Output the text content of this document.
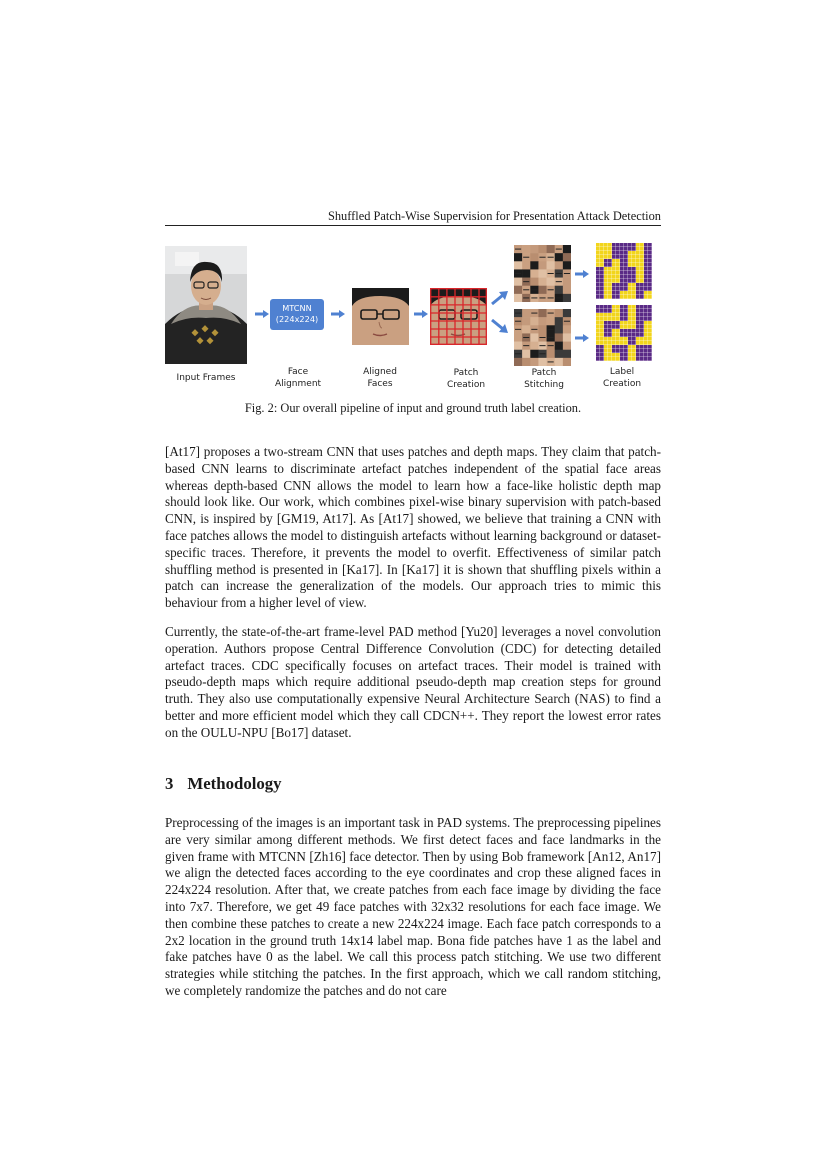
Shuffled Patch-Wise Supervision for Presentation Attack Detection
MTCNN
(224x224)
Input Frames
Face
Alignment
Aligned
Faces
Patch
Creation
Patch
Stitching
Label
Creation
Fig. 2: Our overall pipeline of input and ground truth label creation.

[At17] proposes a two-stream CNN that uses patches and depth maps. They claim that patch-based CNN learns to discriminate artefact patches independent of the spatial face areas whereas depth-based CNN allows the model to learn how a face-like holistic depth map should look like. Our work, which combines pixel-wise binary supervision with patch-based CNN, is inspired by [GM19, At17]. As [At17] showed, we believe that training a CNN with face patches allows the model to distinguish artefacts without learning background or dataset-specific traces. Therefore, it prevents the model to overfit. Effectiveness of similar patch shuffling method is presented in [Ka17]. In [Ka17] it is shown that shuffling pixels within a patch can increase the generalization of the models. Our approach tries to mimic this behaviour from a higher level of view.

Currently, the state-of-the-art frame-level PAD method [Yu20] leverages a novel convolution operation. Authors propose Central Difference Convolution (CDC) for detecting detailed artefact traces. CDC specifically focuses on artefact traces. Their model is trained with pseudo-depth maps which require additional pseudo-depth map creation steps for ground truth. They also use computationally expensive Neural Architecture Search (NAS) to find a better and more efficient model which they call CDCN++. They report the lowest error rates on the OULU-NPU [Bo17] dataset.

3 Methodology

Preprocessing of the images is an important task in PAD systems. The preprocessing pipelines are very similar among different methods. We first detect faces and face landmarks in the given frame with MTCNN [Zh16] face detector. Then by using Bob framework [An12, An17] we align the detected faces according to the eye coordinates and crop these aligned faces in 224x224 resolution. After that, we create patches from each face image by dividing the face into 7x7. Therefore, we get 49 face patches with 32x32 resolutions for each face image. We then combine these patches to create a new 224x224 image. Each face patch corresponds to a 2x2 location in the ground truth 14x14 label map. Bona fide patches have 1 as the label and fake patches have 0 as the label. We call this process patch stitching. We use two different strategies while stitching the patches. In the first approach, which we call random stitching, we completely randomize the patches and do not care
